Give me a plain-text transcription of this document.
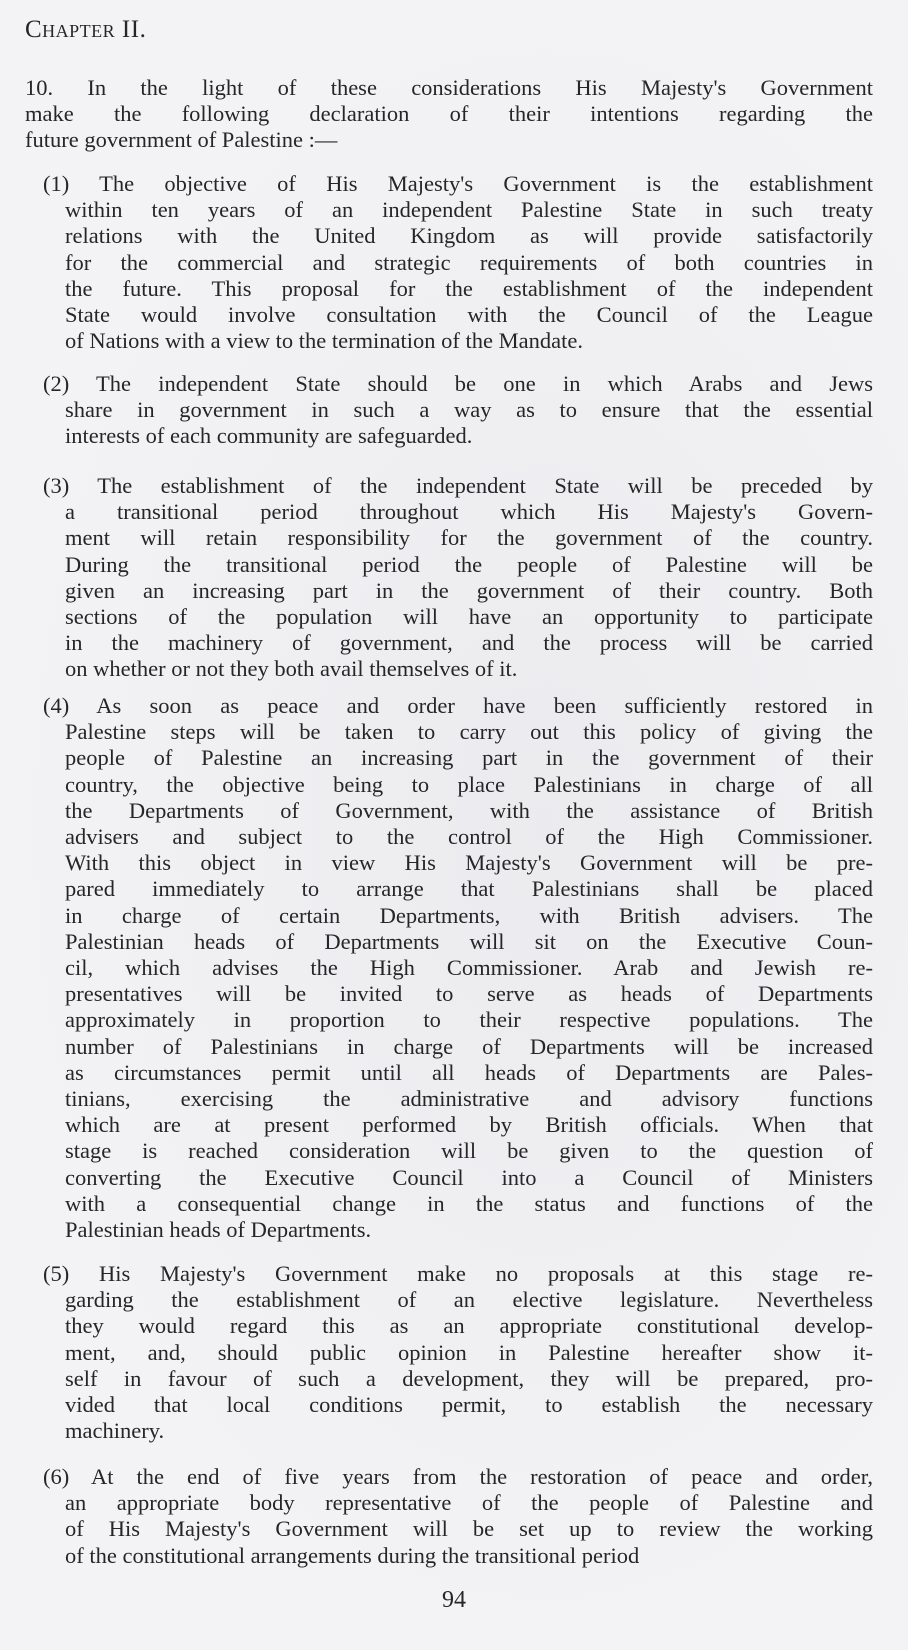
Chapter II.
10. In the light of these considerations His Majesty's Government
make the following declaration of their intentions regarding the
future government of Palestine :—
(1) The objective of His Majesty's Government is the establishment
within ten years of an independent Palestine State in such treaty
relations with the United Kingdom as will provide satisfactorily
for the commercial and strategic requirements of both countries in
the future. This proposal for the establishment of the independent
State would involve consultation with the Council of the League
of Nations with a view to the termination of the Mandate.
(2) The independent State should be one in which Arabs and Jews
share in government in such a way as to ensure that the essential
interests of each community are safeguarded.
(3) The establishment of the independent State will be preceded by
a transitional period throughout which His Majesty's Govern-
ment will retain responsibility for the government of the country.
During the transitional period the people of Palestine will be
given an increasing part in the government of their country. Both
sections of the population will have an opportunity to participate
in the machinery of government, and the process will be carried
on whether or not they both avail themselves of it.
(4) As soon as peace and order have been sufficiently restored in
Palestine steps will be taken to carry out this policy of giving the
people of Palestine an increasing part in the government of their
country, the objective being to place Palestinians in charge of all
the Departments of Government, with the assistance of British
advisers and subject to the control of the High Commissioner.
With this object in view His Majesty's Government will be pre-
pared immediately to arrange that Palestinians shall be placed
in charge of certain Departments, with British advisers. The
Palestinian heads of Departments will sit on the Executive Coun-
cil, which advises the High Commissioner. Arab and Jewish re-
presentatives will be invited to serve as heads of Departments
approximately in proportion to their respective populations. The
number of Palestinians in charge of Departments will be increased
as circumstances permit until all heads of Departments are Pales-
tinians, exercising the administrative and advisory functions
which are at present performed by British officials. When that
stage is reached consideration will be given to the question of
converting the Executive Council into a Council of Ministers
with a consequential change in the status and functions of the
Palestinian heads of Departments.
(5) His Majesty's Government make no proposals at this stage re-
garding the establishment of an elective legislature. Nevertheless
they would regard this as an appropriate constitutional develop-
ment, and, should public opinion in Palestine hereafter show it-
self in favour of such a development, they will be prepared, pro-
vided that local conditions permit, to establish the necessary
machinery.
(6) At the end of five years from the restoration of peace and order,
an appropriate body representative of the people of Palestine and
of His Majesty's Government will be set up to review the working
of the constitutional arrangements during the transitional period
94
